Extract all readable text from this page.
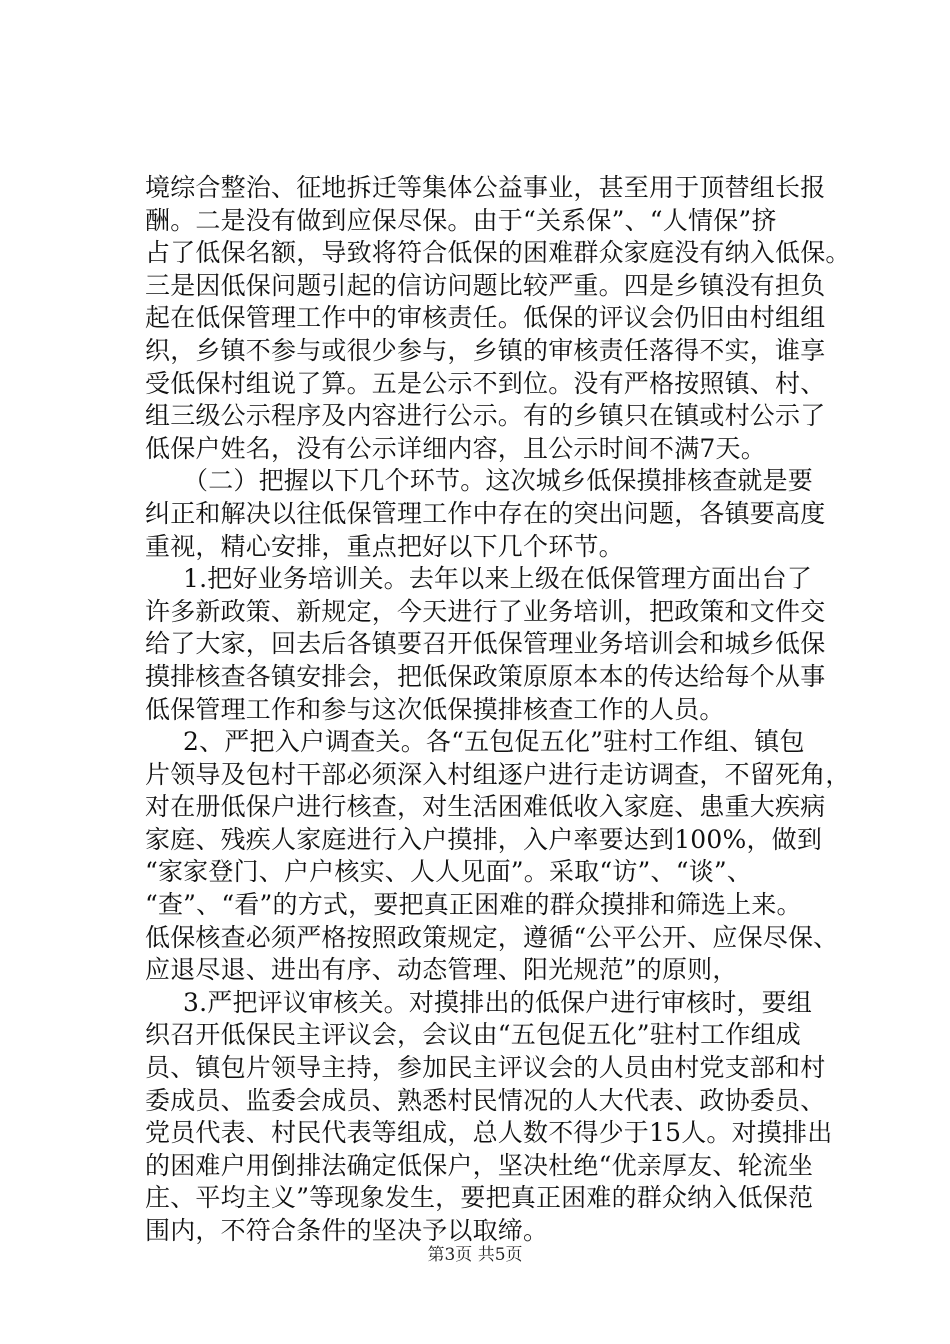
境综合整治、征地拆迁等集体公益事业，甚至用于顶替组长报
酬。二是没有做到应保尽保。由于“关系保”、“人情保”挤
占了低保名额，导致将符合低保的困难群众家庭没有纳入低保。
三是因低保问题引起的信访问题比较严重。四是乡镇没有担负
起在低保管理工作中的审核责任。低保的评议会仍旧由村组组
织，乡镇不参与或很少参与，乡镇的审核责任落得不实，谁享
受低保村组说了算。五是公示不到位。没有严格按照镇、村、
组三级公示程序及内容进行公示。有的乡镇只在镇或村公示了
低保户姓名，没有公示详细内容，且公示时间不满7天。
（二）把握以下几个环节。这次城乡低保摸排核查就是要
纠正和解决以往低保管理工作中存在的突出问题，各镇要高度
重视，精心安排，重点把好以下几个环节。
1.把好业务培训关。去年以来上级在低保管理方面出台了
许多新政策、新规定，今天进行了业务培训，把政策和文件交
给了大家，回去后各镇要召开低保管理业务培训会和城乡低保
摸排核查各镇安排会，把低保政策原原本本的传达给每个从事
低保管理工作和参与这次低保摸排核查工作的人员。
2、严把入户调查关。各“五包促五化”驻村工作组、镇包
片领导及包村干部必须深入村组逐户进行走访调查，不留死角，
对在册低保户进行核查，对生活困难低收入家庭、患重大疾病
家庭、残疾人家庭进行入户摸排，入户率要达到100%，做到
“家家登门、户户核实、人人见面”。采取“访”、“谈”、
“查”、“看”的方式，要把真正困难的群众摸排和筛选上来。
低保核查必须严格按照政策规定，遵循“公平公开、应保尽保、
应退尽退、进出有序、动态管理、阳光规范”的原则，
3.严把评议审核关。对摸排出的低保户进行审核时，要组
织召开低保民主评议会，会议由“五包促五化”驻村工作组成
员、镇包片领导主持，参加民主评议会的人员由村党支部和村
委成员、监委会成员、熟悉村民情况的人大代表、政协委员、
党员代表、村民代表等组成，总人数不得少于15人。对摸排出
的困难户用倒排法确定低保户，坚决杜绝“优亲厚友、轮流坐
庄、平均主义”等现象发生，要把真正困难的群众纳入低保范
围内，不符合条件的坚决予以取缔。
第3页 共5页
